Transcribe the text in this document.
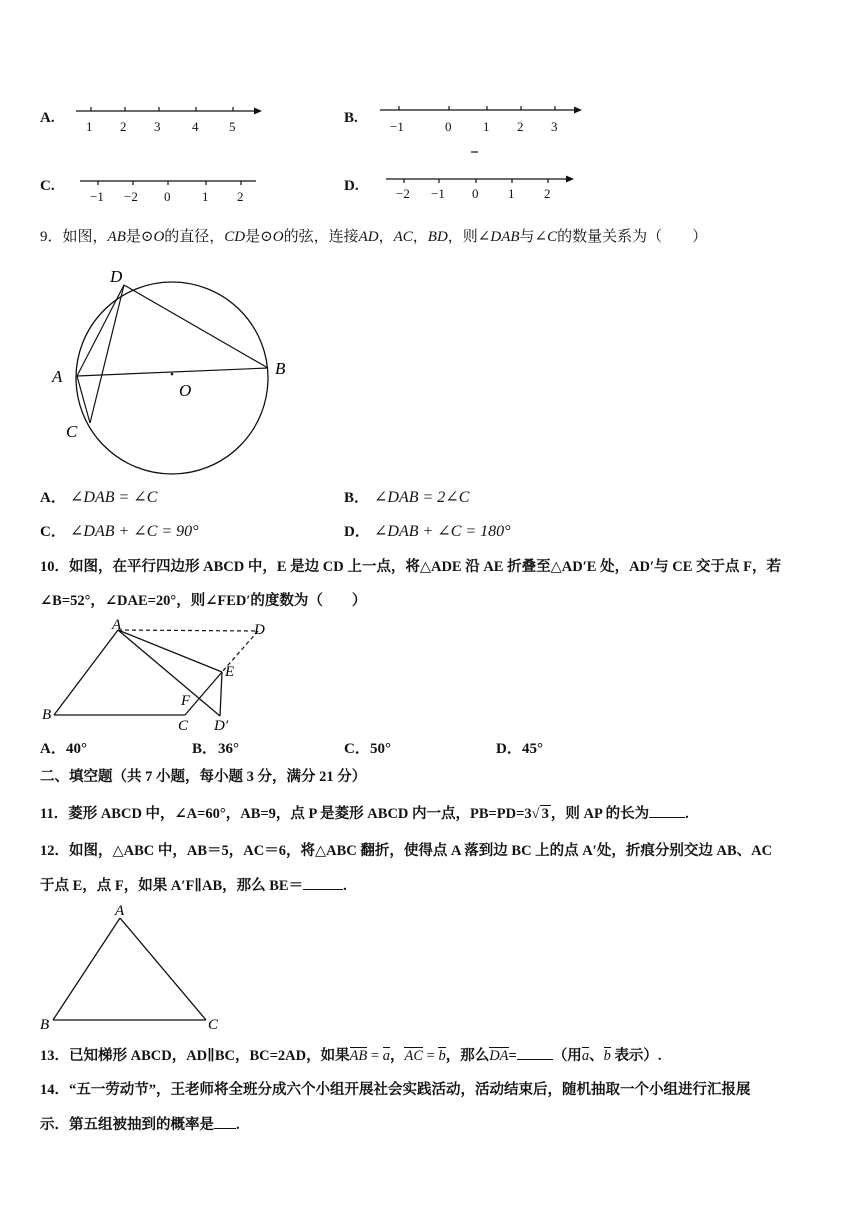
A.
1 2 3 4 5
B.
−1	0 1 2 3
C.
−1 −2 0 1 2
D.	−2 −1 0 1 2
9．如图，AB是⊙O的直径，CD是⊙O的弦，连接AD，AC，BD，则∠DAB与∠C的数量关系为（　　）
D
A	B
O
C
A． ∠DAB = ∠C	B． ∠DAB = 2∠C
C． ∠DAB + ∠C = 90°	D． ∠DAB + ∠C = 180°
10．如图，在平行四边形 ABCD 中，E 是边 CD 上一点，将△ADE 沿 AE 折叠至△AD′E 处，AD′与 CE 交于点 F，若
∠B=52°，∠DAE=20°，则∠FED′的度数为（　　）
A	D
E
F
B
C D′
A． 40°	B． 36°	C． 50°	D． 45°
二、填空题（共 7 小题，每小题 3 分，满分 21 分）
11．菱形 ABCD 中，∠A=60°，AB=9，点 P 是菱形 ABCD 内一点，PB=PD=3√ 3 ，则 AP 的长为 .
12．如图，△ABC 中，AB＝5，AC＝6，将△ABC 翻折，使得点 A 落到边 BC 上的点 A′处，折痕分别交边 AB、AC
于点 E，点 F，如果 A′F∥AB，那么 BE＝	.
A
B	C
13．已知梯形 ABCD，AD∥BC，BC=2AD，如果AB = a，AC = b，那么DA= （用a、b 表示）.
14．“五一劳动节”，王老师将全班分成六个小组开展社会实践活动，活动结束后，随机抽取一个小组进行汇报展
示．第五组被抽到的概率是 .
